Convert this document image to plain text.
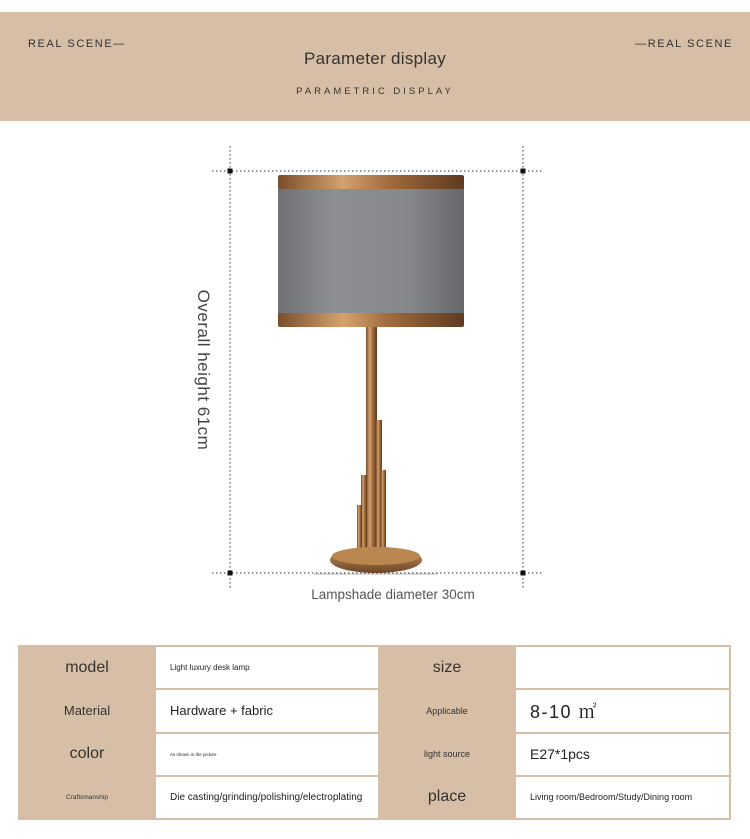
REAL SCENE—	—REAL SCENE
Parameter display
PARAMETRIC DISPLAY
Overall height 61cm
Lampshade diameter 30cm
model	Light luxury desk lamp	size
Material	Hardware + fabric	Applicable	8-10 ㎡
color	As shown in the picture	light source	E27*1pcs
Craftsmanship	Die casting/grinding/polishing/electroplating	place	Living room/Bedroom/Study/Dining room
